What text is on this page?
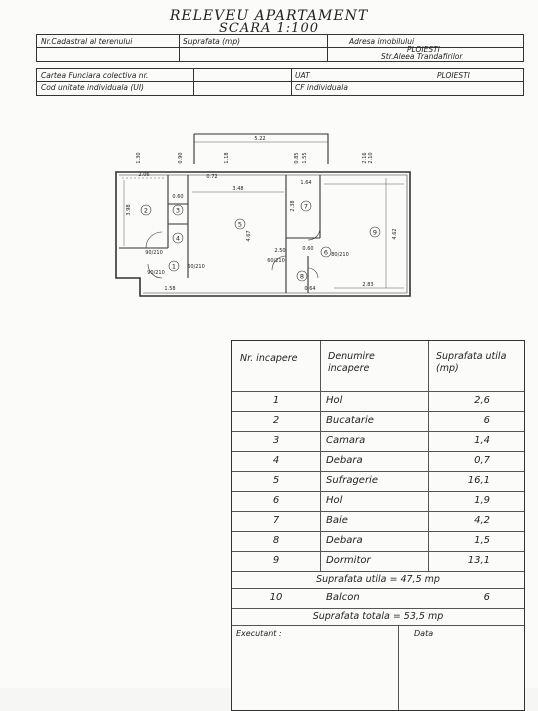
RELEVEU APARTAMENT
SCARA 1:100
Nr.Cadastral al terenului	Suprafata (mp)	Adresa imobilului
PLOIESTI
Str.Aleea Trandafirilor
Cartea Funciara colectiva nr.	UAT	PLOIESTI
Cod unitate individuala (UI)	CF individuala
1
2	3
4
5
6
7
8
9
5.22
2.06	0.72
3.48
1.64
2.83
1.58	0.64
4.62
4.67
2.38
3.98
1.18	0.85
1.30	2.10
2.16
1.55
0.90
2.50
0.60
0.60
90/210
90/210
60/210
80/210
60/210
Nr. incapere	Denumire incapere
Suprafata utila (mp)
1	Hol	2,6
2	Bucatarie	6
3	Camara	1,4
4	Debara	0,7
5	Sufragerie	16,1
6	Hol	1,9
7	Baie	4,2
8	Debara	1,5
9	Dormitor	13,1
Suprafata utila = 47,5 mp
10	Balcon	6
Suprafata totala = 53,5 mp
Executant :	Data
